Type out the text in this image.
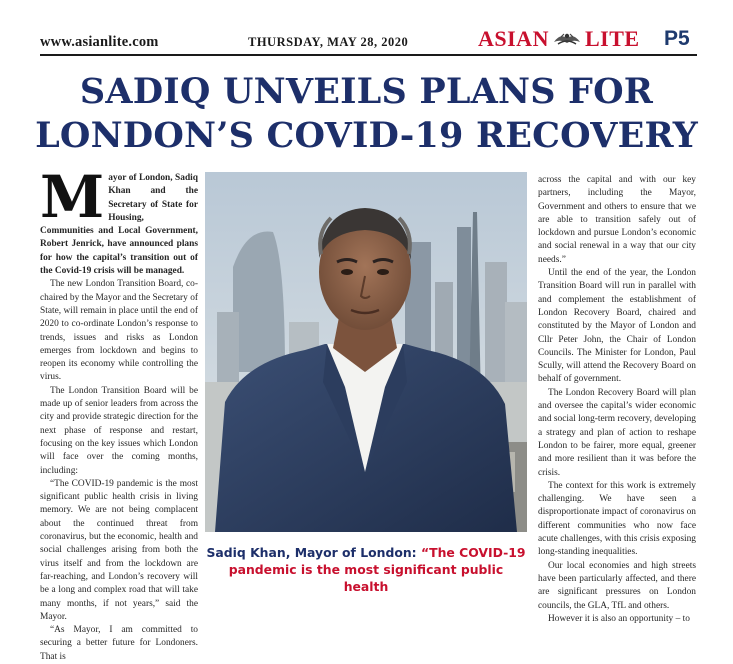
www.asianlite.com	THURSDAY, MAY 28, 2020	ASIAN LITE P5
SADIQ UNVEILS PLANS FOR
LONDON’S COVID-19 RECOVERY

Mayor of London, Sadiq Khan and the Secretary of State for Housing, Communities and Local Government, Robert Jenrick, have announced plans for how the capital’s transition out of the Covid-19 crisis will be managed.

The new London Transition Board, co-chaired by the Mayor and the Secretary of State, will remain in place until the end of 2020 to co-ordinate London’s response to trends, issues and risks as London emerges from lockdown and begins to reopen its economy while controlling the virus.

The London Transition Board will be made up of senior leaders from across the city and provide strategic direction for the next phase of response and restart, focusing on the key issues which London will face over the coming months, including:

“The COVID-19 pandemic is the most significant public health crisis in living memory. We are not being complacent about the continued threat from coronavirus, but the economic, health and social challenges arising from both the virus itself and from the lockdown are far-reaching, and London’s recovery will be a long and complex road that will take many months, if not years,” said the Mayor.

“As Mayor, I am committed to securing a better future for Londoners. That is

Sadiq Khan, Mayor of London: “The COVID-19 pandemic is the most significant public health

across the capital and with our key partners, including the Mayor, Government and others to ensure that we are able to transition safely out of lockdown and pursue London’s economic and social renewal in a way that our city needs.”

Until the end of the year, the London Transition Board will run in parallel with and complement the establishment of London Recovery Board, chaired and constituted by the Mayor of London and Cllr Peter John, the Chair of London Councils. The Minister for London, Paul Scully, will attend the Recovery Board on behalf of government.

The London Recovery Board will plan and oversee the capital’s wider economic and social long-term recovery, developing a strategy and plan of action to reshape London to be fairer, more equal, greener and more resilient than it was before the crisis.

The context for this work is extremely challenging. We have seen a disproportionate impact of coronavirus on different communities who now face acute challenges, with this crisis exposing long-standing inequalities.

Our local economies and high streets have been particularly affected, and there are significant pressures on London councils, the GLA, TfL and others.

However it is also an opportunity – to
